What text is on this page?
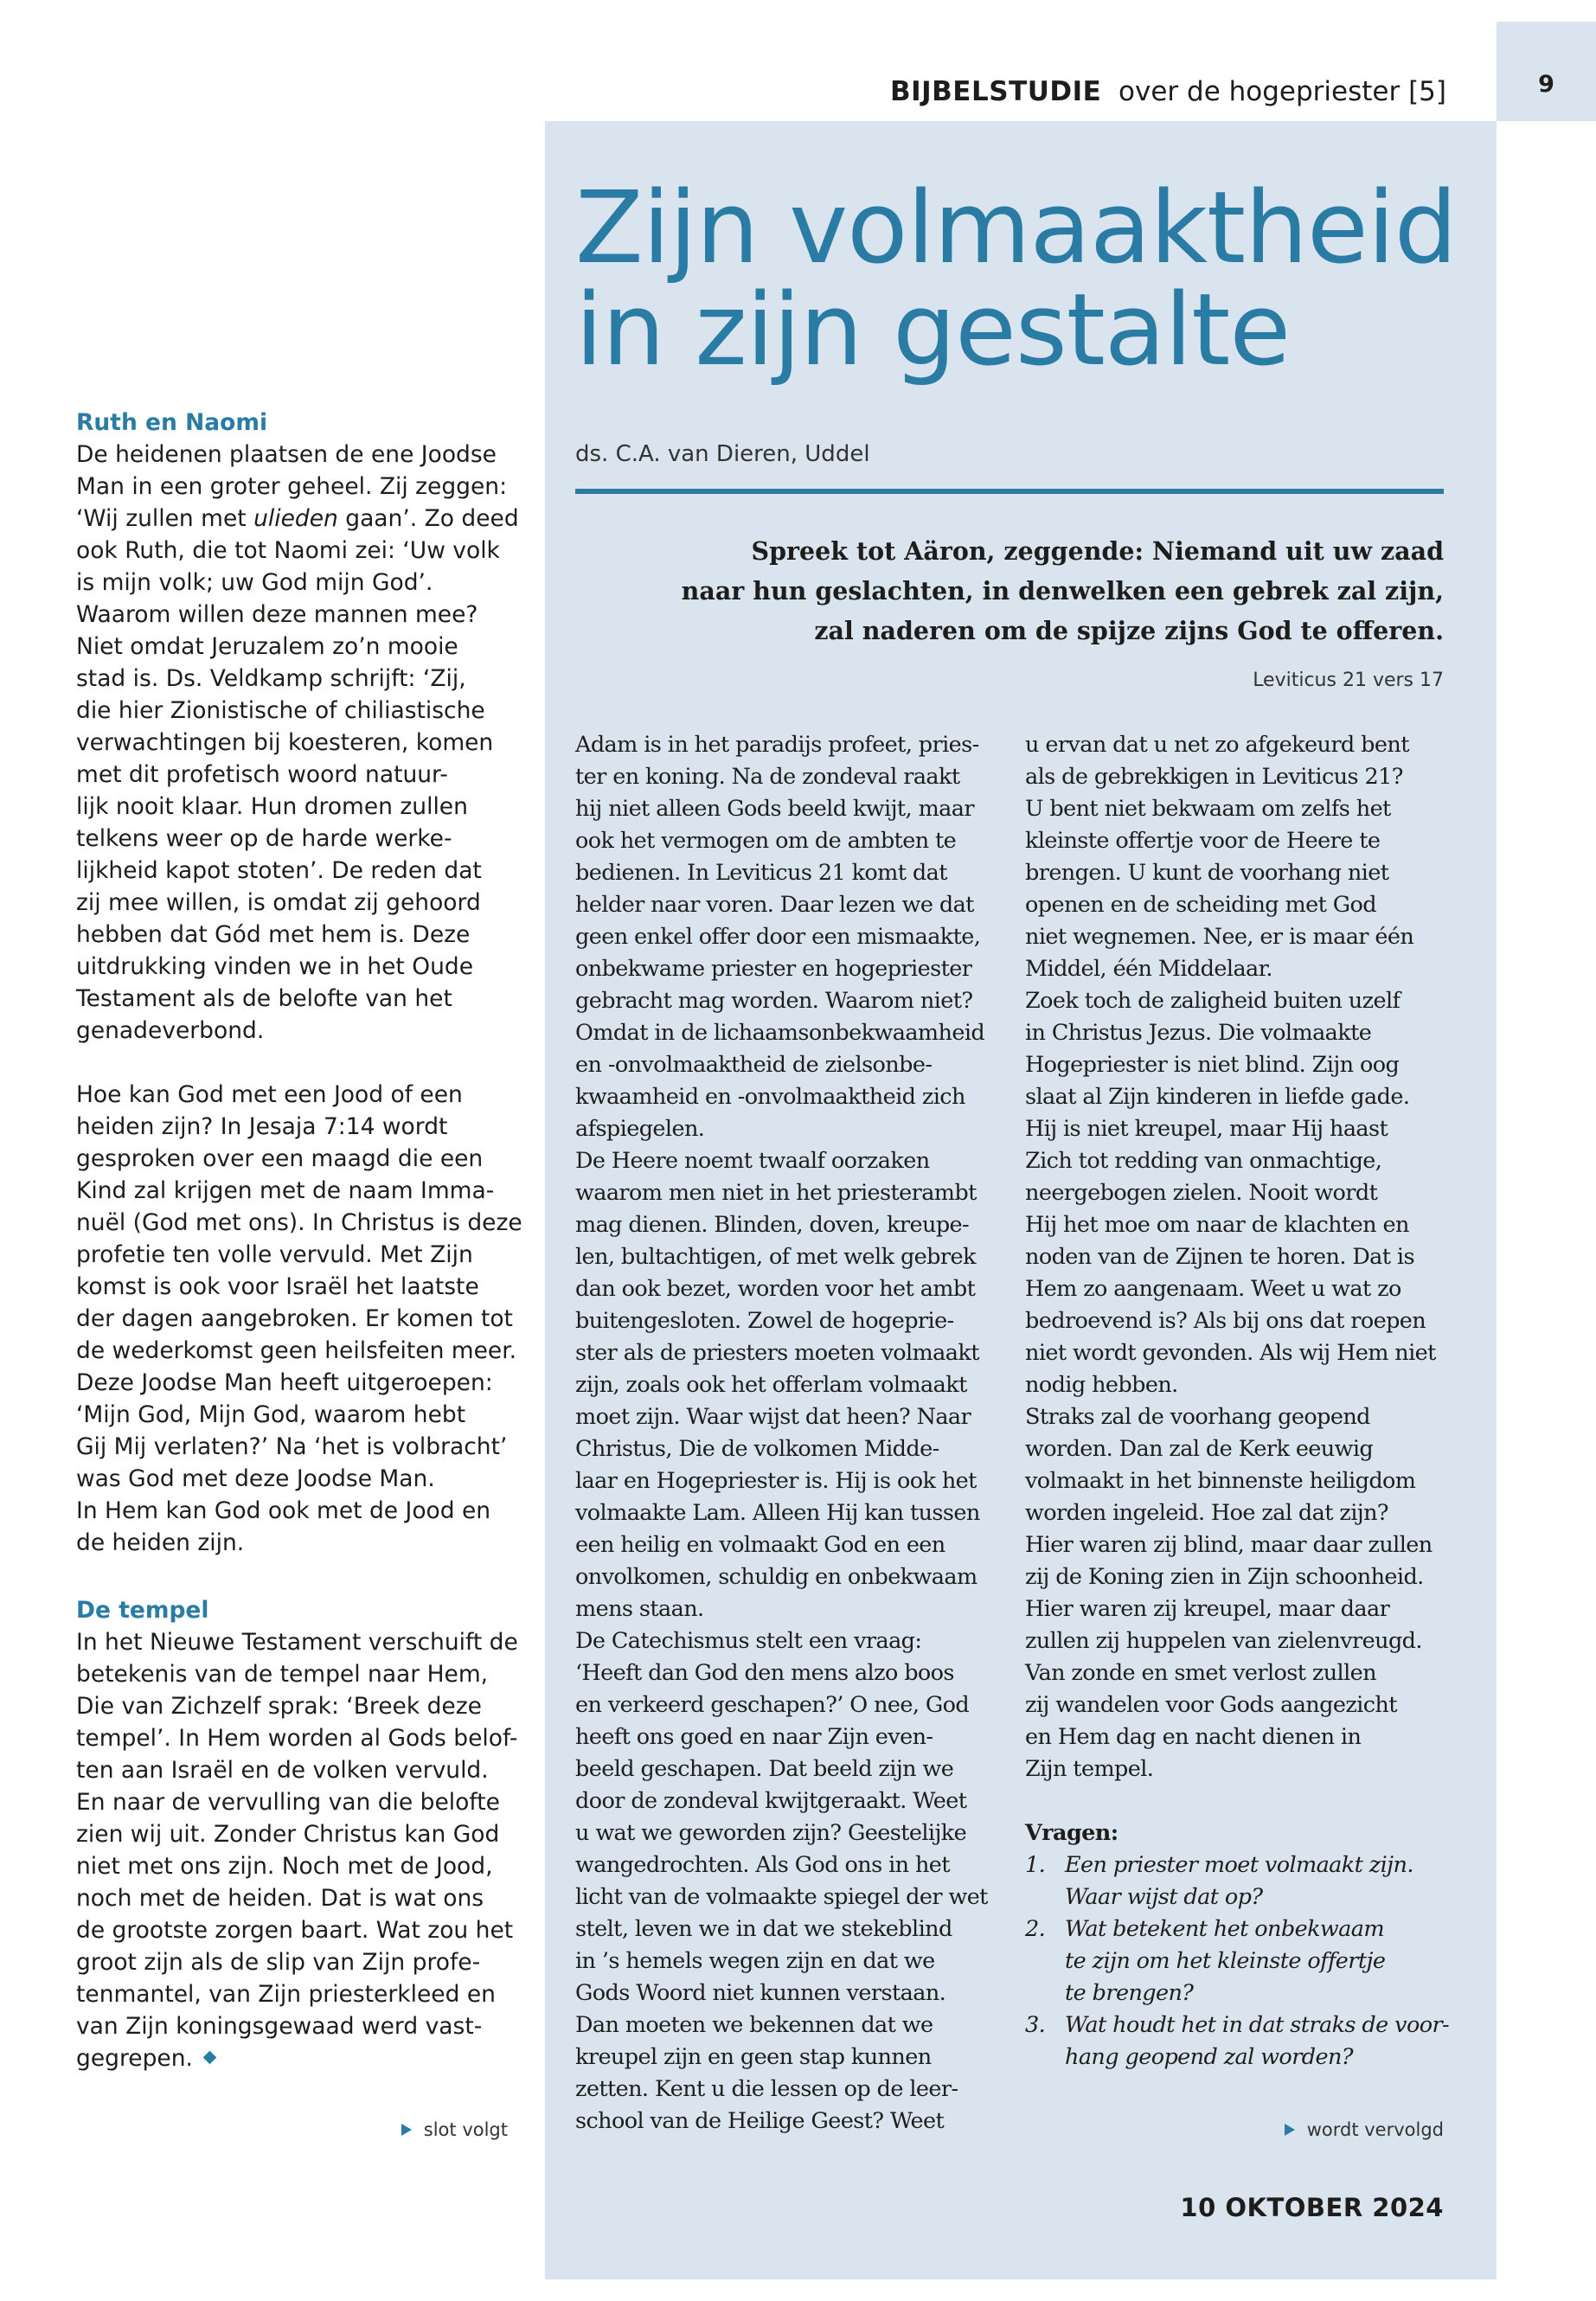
9
BIJBELSTUDIE over de hogepriester [5]
Zijn volmaaktheid
in zijn gestalte
ds. C.A. van Dieren, Uddel
Spreek tot Aäron, zeggende: Niemand uit uw zaad
naar hun geslachten, in denwelken een gebrek zal zijn,
zal naderen om de spijze zijns God te offeren.
Leviticus 21 vers 17
Ruth en Naomi
De heidenen plaatsen de ene Joodse
Man in een groter geheel. Zij zeggen:
‘Wij zullen met ulieden gaan’. Zo deed
ook Ruth, die tot Naomi zei: ‘Uw volk
is mijn volk; uw God mijn God’.
Waarom willen deze mannen mee?
Niet omdat Jeruzalem zo’n mooie
stad is. Ds. Veldkamp schrijft: ‘Zij,
die hier Zionistische of chiliastische
verwachtingen bij koesteren, komen
met dit profetisch woord natuur-
lijk nooit klaar. Hun dromen zullen
telkens weer op de harde werke-
lijkheid kapot stoten’. De reden dat
zij mee willen, is omdat zij gehoord
hebben dat Gód met hem is. Deze
uitdrukking vinden we in het Oude
Testament als de belofte van het
genadeverbond.
Hoe kan God met een Jood of een
heiden zijn? In Jesaja 7:14 wordt
gesproken over een maagd die een
Kind zal krijgen met de naam Imma-
nuël (God met ons). In Christus is deze
profetie ten volle vervuld. Met Zijn
komst is ook voor Israël het laatste
der dagen aangebroken. Er komen tot
de wederkomst geen heilsfeiten meer.
Deze Joodse Man heeft uitgeroepen:
‘Mijn God, Mijn God, waarom hebt
Gij Mij verlaten?’ Na ‘het is volbracht’
was God met deze Joodse Man.
In Hem kan God ook met de Jood en
de heiden zijn.
De tempel
In het Nieuwe Testament verschuift de
betekenis van de tempel naar Hem,
Die van Zichzelf sprak: ‘Breek deze
tempel’. In Hem worden al Gods belof-
ten aan Israël en de volken vervuld.
En naar de vervulling van die belofte
zien wij uit. Zonder Christus kan God
niet met ons zijn. Noch met de Jood,
noch met de heiden. Dat is wat ons
de grootste zorgen baart. Wat zou het
groot zijn als de slip van Zijn profe-
tenmantel, van Zijn priesterkleed en
van Zijn koningsgewaad werd vast-
gegrepen.
slot volgt
Adam is in het paradijs profeet, pries-
ter en koning. Na de zondeval raakt
hij niet alleen Gods beeld kwijt, maar
ook het vermogen om de ambten te
bedienen. In Leviticus 21 komt dat
helder naar voren. Daar lezen we dat
geen enkel offer door een mismaakte,
onbekwame priester en hogepriester
gebracht mag worden. Waarom niet?
Omdat in de lichaamsonbekwaamheid
en -onvolmaaktheid de zielsonbe-
kwaamheid en -onvolmaaktheid zich
afspiegelen.
De Heere noemt twaalf oorzaken
waarom men niet in het priesterambt
mag dienen. Blinden, doven, kreupe-
len, bultachtigen, of met welk gebrek
dan ook bezet, worden voor het ambt
buitengesloten. Zowel de hogeprie-
ster als de priesters moeten volmaakt
zijn, zoals ook het offerlam volmaakt
moet zijn. Waar wijst dat heen? Naar
Christus, Die de volkomen Midde-
laar en Hogepriester is. Hij is ook het
volmaakte Lam. Alleen Hij kan tussen
een heilig en volmaakt God en een
onvolkomen, schuldig en onbekwaam
mens staan.
De Catechismus stelt een vraag:
‘Heeft dan God den mens alzo boos
en verkeerd geschapen?’ O nee, God
heeft ons goed en naar Zijn even-
beeld geschapen. Dat beeld zijn we
door de zondeval kwijtgeraakt. Weet
u wat we geworden zijn? Geestelijke
wangedrochten. Als God ons in het
licht van de volmaakte spiegel der wet
stelt, leven we in dat we stekeblind
in ’s hemels wegen zijn en dat we
Gods Woord niet kunnen verstaan.
Dan moeten we bekennen dat we
kreupel zijn en geen stap kunnen
zetten. Kent u die lessen op de leer-
school van de Heilige Geest? Weet
u ervan dat u net zo afgekeurd bent
als de gebrekkigen in Leviticus 21?
U bent niet bekwaam om zelfs het
kleinste offertje voor de Heere te
brengen. U kunt de voorhang niet
openen en de scheiding met God
niet wegnemen. Nee, er is maar één
Middel, één Middelaar.
Zoek toch de zaligheid buiten uzelf
in Christus Jezus. Die volmaakte
Hogepriester is niet blind. Zijn oog
slaat al Zijn kinderen in liefde gade.
Hij is niet kreupel, maar Hij haast
Zich tot redding van onmachtige,
neergebogen zielen. Nooit wordt
Hij het moe om naar de klachten en
noden van de Zijnen te horen. Dat is
Hem zo aangenaam. Weet u wat zo
bedroevend is? Als bij ons dat roepen
niet wordt gevonden. Als wij Hem niet
nodig hebben.
Straks zal de voorhang geopend
worden. Dan zal de Kerk eeuwig
volmaakt in het binnenste heiligdom
worden ingeleid. Hoe zal dat zijn?
Hier waren zij blind, maar daar zullen
zij de Koning zien in Zijn schoonheid.
Hier waren zij kreupel, maar daar
zullen zij huppelen van zielenvreugd.
Van zonde en smet verlost zullen
zij wandelen voor Gods aangezicht
en Hem dag en nacht dienen in
Zijn tempel.
Vragen:
1. Een priester moet volmaakt zijn.
Waar wijst dat op?
2. Wat betekent het onbekwaam
te zijn om het kleinste offertje
te brengen?
3. Wat houdt het in dat straks de voor-
hang geopend zal worden?
wordt vervolgd
10 OKTOBER 2024
